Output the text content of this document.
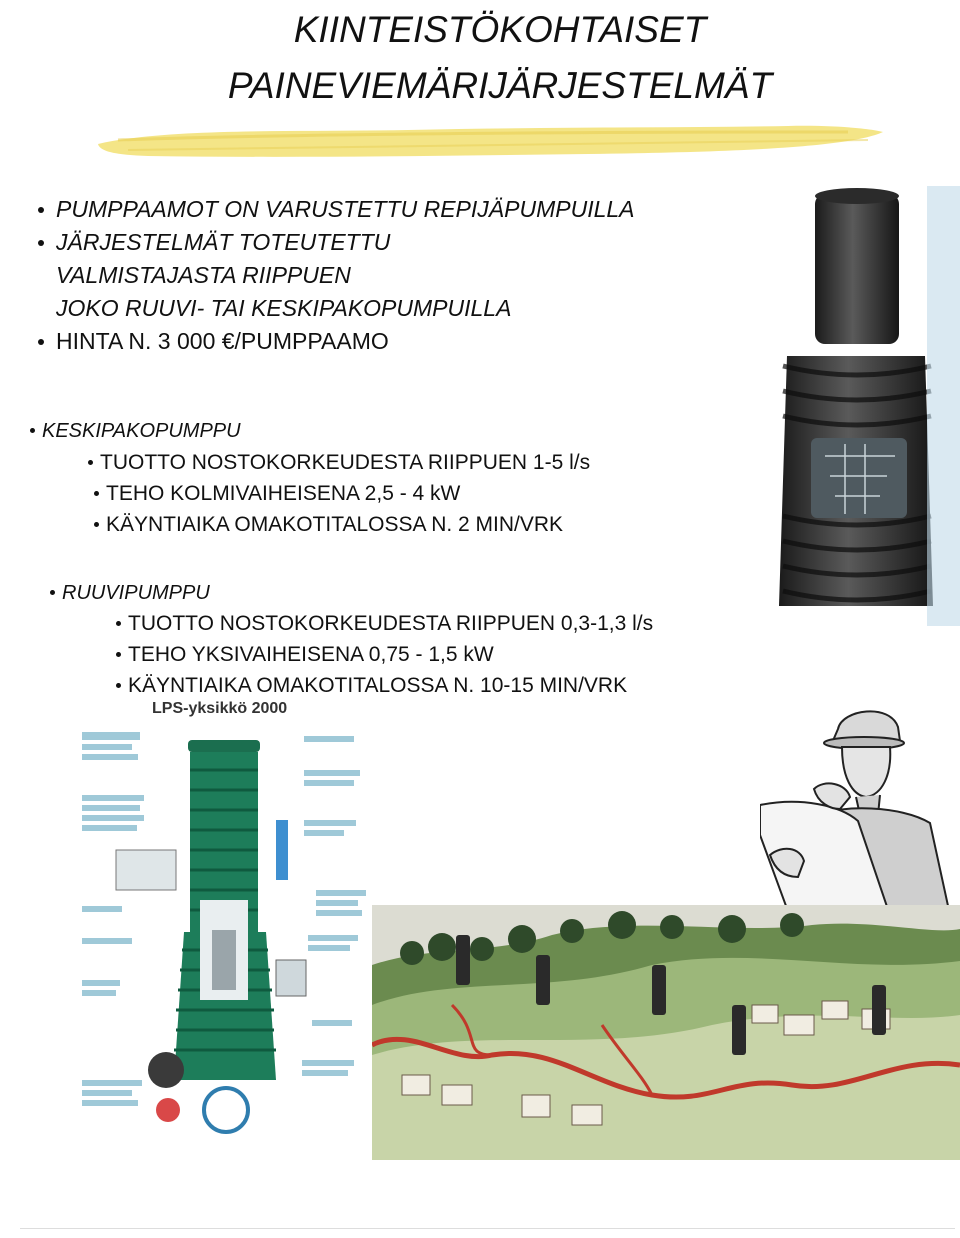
KIINTEISTÖKOHTAISET
PAINEVIEMÄRIJÄRJESTELMÄT
PUMPPAAMOT ON VARUSTETTU REPIJÄPUMPUILLA
JÄRJESTELMÄT TOTEUTETTU
VALMISTAJASTA RIIPPUEN
JOKO RUUVI- TAI KESKIPAKOPUMPUILLA
HINTA N. 3 000 €/PUMPPAAMO
KESKIPAKOPUMPPU
TUOTTO NOSTOKORKEUDESTA RIIPPUEN 1-5 l/s
TEHO KOLMIVAIHEISENA 2,5 - 4 kW
KÄYNTIAIKA OMAKOTITALOSSA N. 2 MIN/VRK
RUUVIPUMPPU
TUOTTO NOSTOKORKEUDESTA RIIPPUEN 0,3-1,3 l/s
TEHO YKSIVAIHEISENA 0,75 - 1,5 kW
KÄYNTIAIKA OMAKOTITALOSSA N. 10-15 MIN/VRK
LPS-yksikkö 2000
